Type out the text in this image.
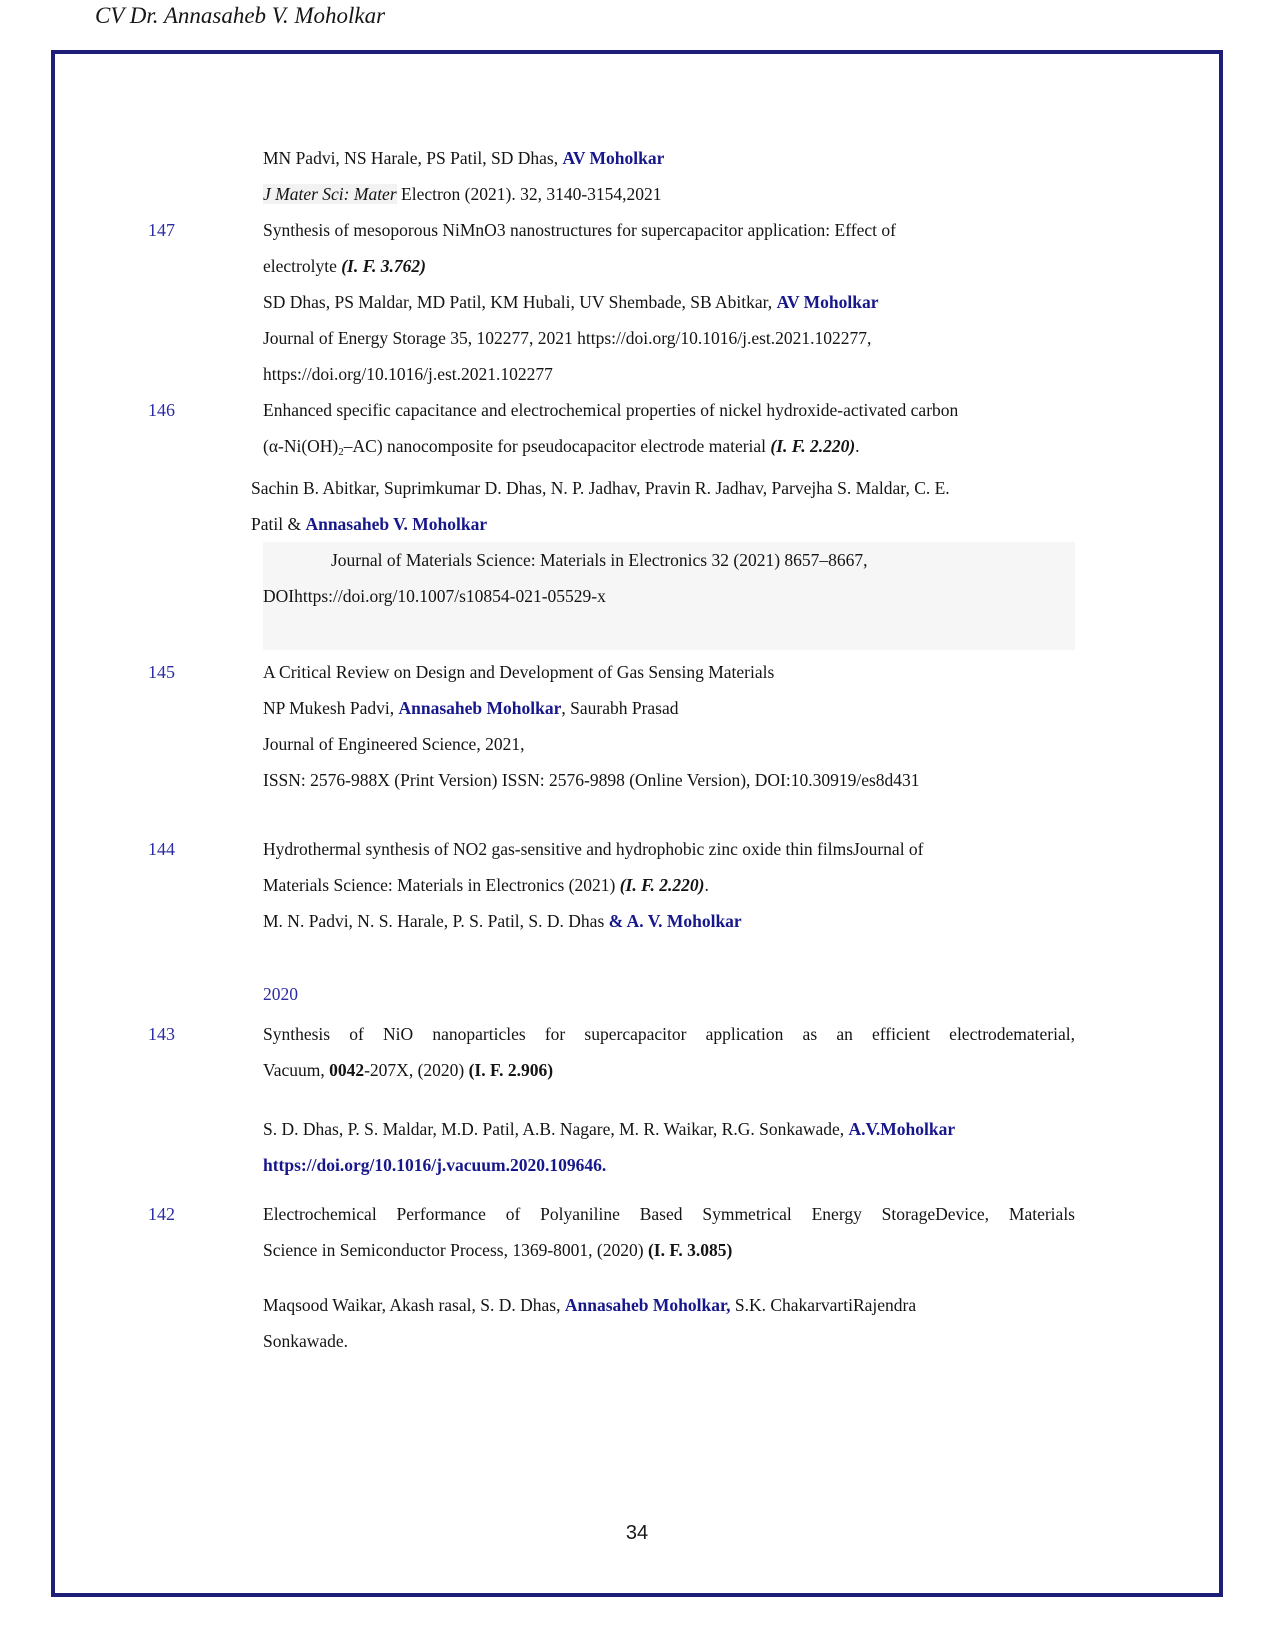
CV Dr. Annasaheb V. Moholkar
MN Padvi, NS Harale, PS Patil, SD Dhas, AV Moholkar
J Mater Sci: Mater Electron (2021). 32, 3140-3154,2021
147	Synthesis of mesoporous NiMnO3 nanostructures for supercapacitor application: Effect of
electrolyte (I. F. 3.762)
SD Dhas, PS Maldar, MD Patil, KM Hubali, UV Shembade, SB Abitkar, AV Moholkar
Journal of Energy Storage 35, 102277, 2021 https://doi.org/10.1016/j.est.2021.102277,
https://doi.org/10.1016/j.est.2021.102277
146	Enhanced specific capacitance and electrochemical properties of nickel hydroxide-activated carbon
(α-Ni(OH)2–AC) nanocomposite for pseudocapacitor electrode material (I. F. 2.220).
Sachin B. Abitkar, Suprimkumar D. Dhas, N. P. Jadhav, Pravin R. Jadhav, Parvejha S. Maldar, C. E.
Patil & Annasaheb V. Moholkar
Journal of Materials Science: Materials in Electronics 32 (2021) 8657–8667,
DOIhttps://doi.org/10.1007/s10854-021-05529-x

145	A Critical Review on Design and Development of Gas Sensing Materials
NP Mukesh Padvi, Annasaheb Moholkar, Saurabh Prasad
Journal of Engineered Science, 2021,
ISSN: 2576-988X (Print Version) ISSN: 2576-9898 (Online Version), DOI:10.30919/es8d431
144	Hydrothermal synthesis of NO2 gas-sensitive and hydrophobic zinc oxide thin filmsJournal of
Materials Science: Materials in Electronics (2021) (I. F. 2.220).
M. N. Padvi, N. S. Harale, P. S. Patil, S. D. Dhas & A. V. Moholkar
2020
143	Synthesis of NiO nanoparticles for supercapacitor application as an efficient electrodematerial,
Vacuum, 0042-207X, (2020) (I. F. 2.906)
S. D. Dhas, P. S. Maldar, M.D. Patil, A.B. Nagare, M. R. Waikar, R.G. Sonkawade, A.V.Moholkar
https://doi.org/10.1016/j.vacuum.2020.109646.
142	Electrochemical Performance of Polyaniline Based Symmetrical Energy StorageDevice, Materials
Science in Semiconductor Process, 1369-8001, (2020) (I. F. 3.085)
Maqsood Waikar, Akash rasal, S. D. Dhas, Annasaheb Moholkar, S.K. ChakarvartiRajendra
Sonkawade.
34
